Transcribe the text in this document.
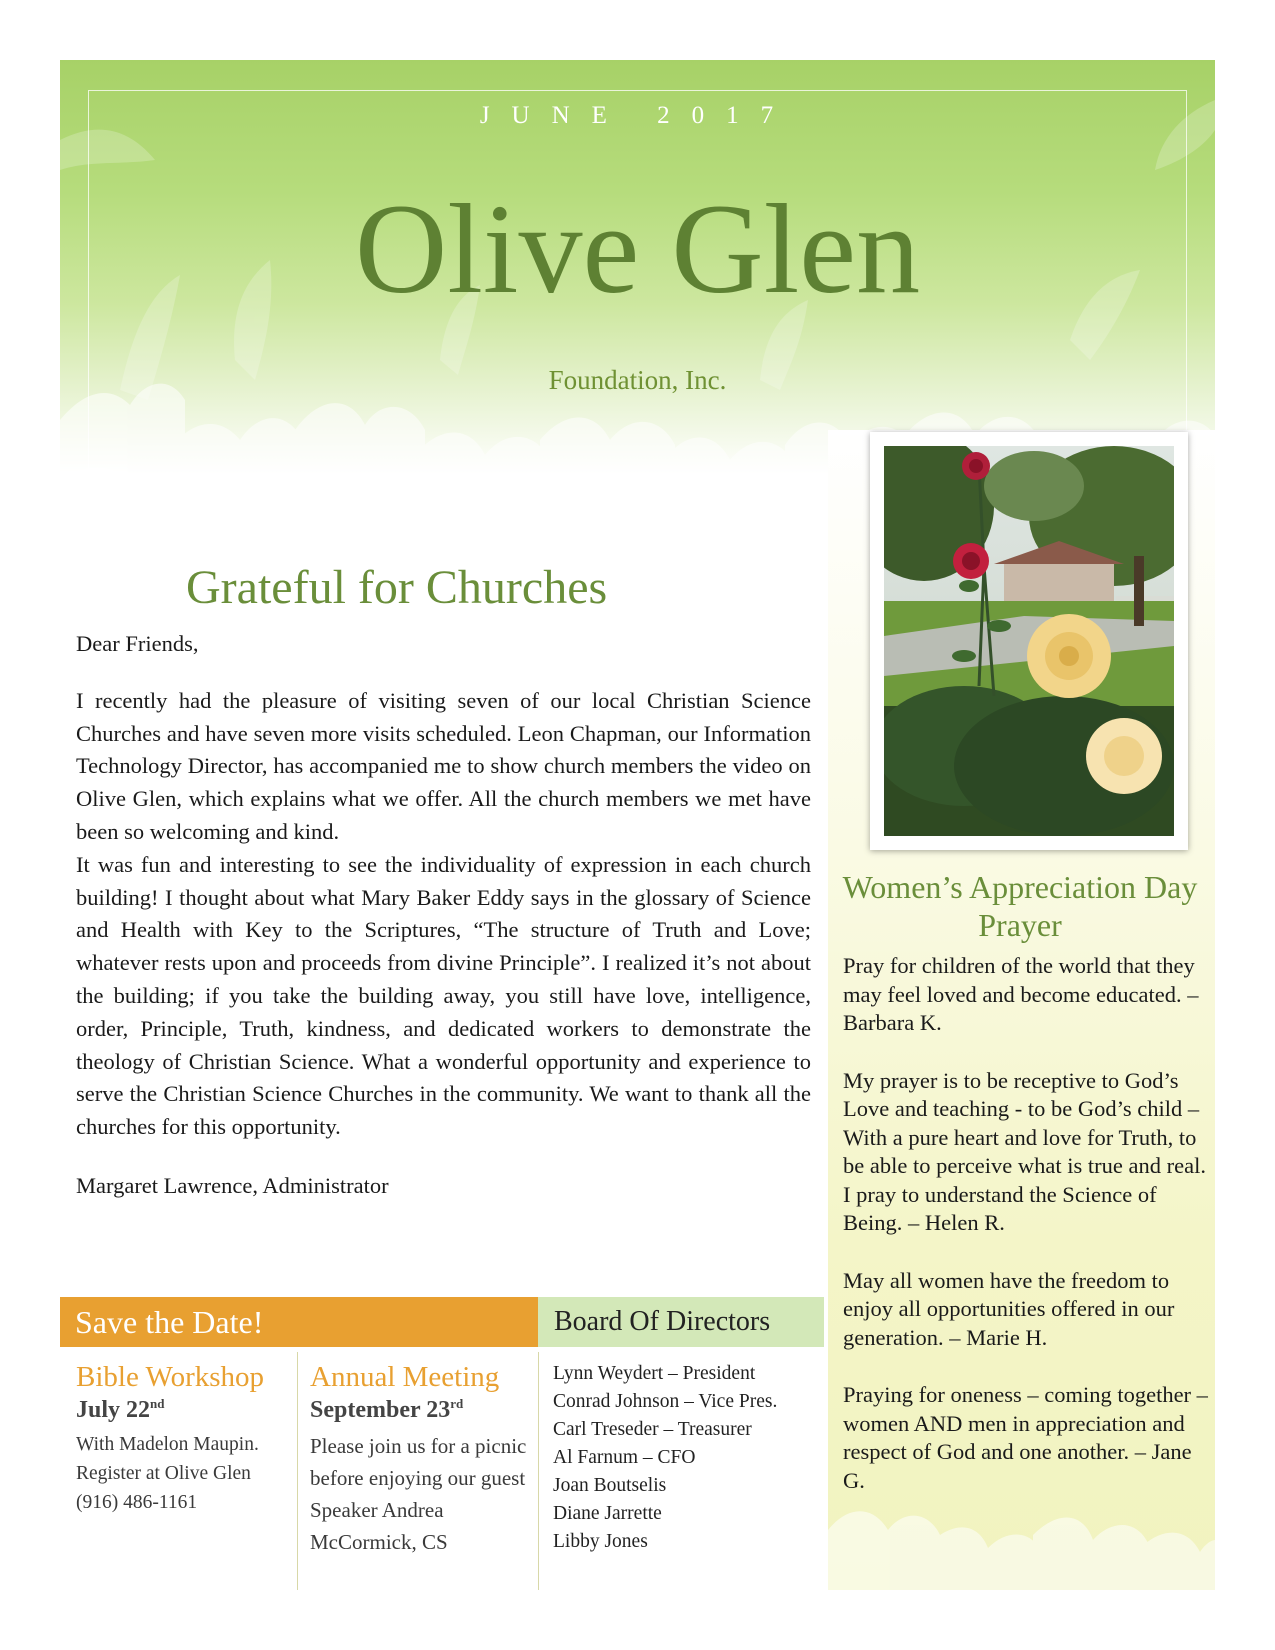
JUNE 2017
Olive Glen
Foundation, Inc.
Women’s Appreciation Day Prayer

Pray for children of the world that they may feel loved and become educated. – Barbara K.

My prayer is to be receptive to God’s Love and teaching - to be God’s child – With a pure heart and love for Truth, to be able to perceive what is true and real. I pray to understand the Science of Being. – Helen R.

May all women have the freedom to enjoy all opportunities offered in our generation. – Marie H.

Praying for oneness – coming together – women AND men in appreciation and respect of God and one another. – Jane G.

Grateful for Churches

Dear Friends,

I recently had the pleasure of visiting seven of our local Christian Science Churches and have seven more visits scheduled. Leon Chapman, our Information Technology Director, has accompanied me to show church members the video on Olive Glen, which explains what we offer. All the church members we met have been so welcoming and kind.

It was fun and interesting to see the individuality of expression in each church building! I thought about what Mary Baker Eddy says in the glossary of Science and Health with Key to the Scriptures, “The structure of Truth and Love; whatever rests upon and proceeds from divine Principle”. I realized it’s not about the building; if you take the building away, you still have love, intelligence, order, Principle, Truth, kindness, and dedicated workers to demonstrate the theology of Christian Science. What a wonderful opportunity and experience to serve the Christian Science Churches in the community. We want to thank all the churches for this opportunity.

Margaret Lawrence, Administrator

Save the Date!	Board Of Directors
Bible Workshop
July 22nd

With Madelon Maupin. Register at Olive Glen (916) 486-1161

Annual Meeting
September 23rd

Please join us for a picnic before enjoying our guest Speaker Andrea McCormick, CS

Lynn Weydert – President
Conrad Johnson – Vice Pres.
Carl Treseder – Treasurer
Al Farnum – CFO
Joan Boutselis
Diane Jarrette
Libby Jones
